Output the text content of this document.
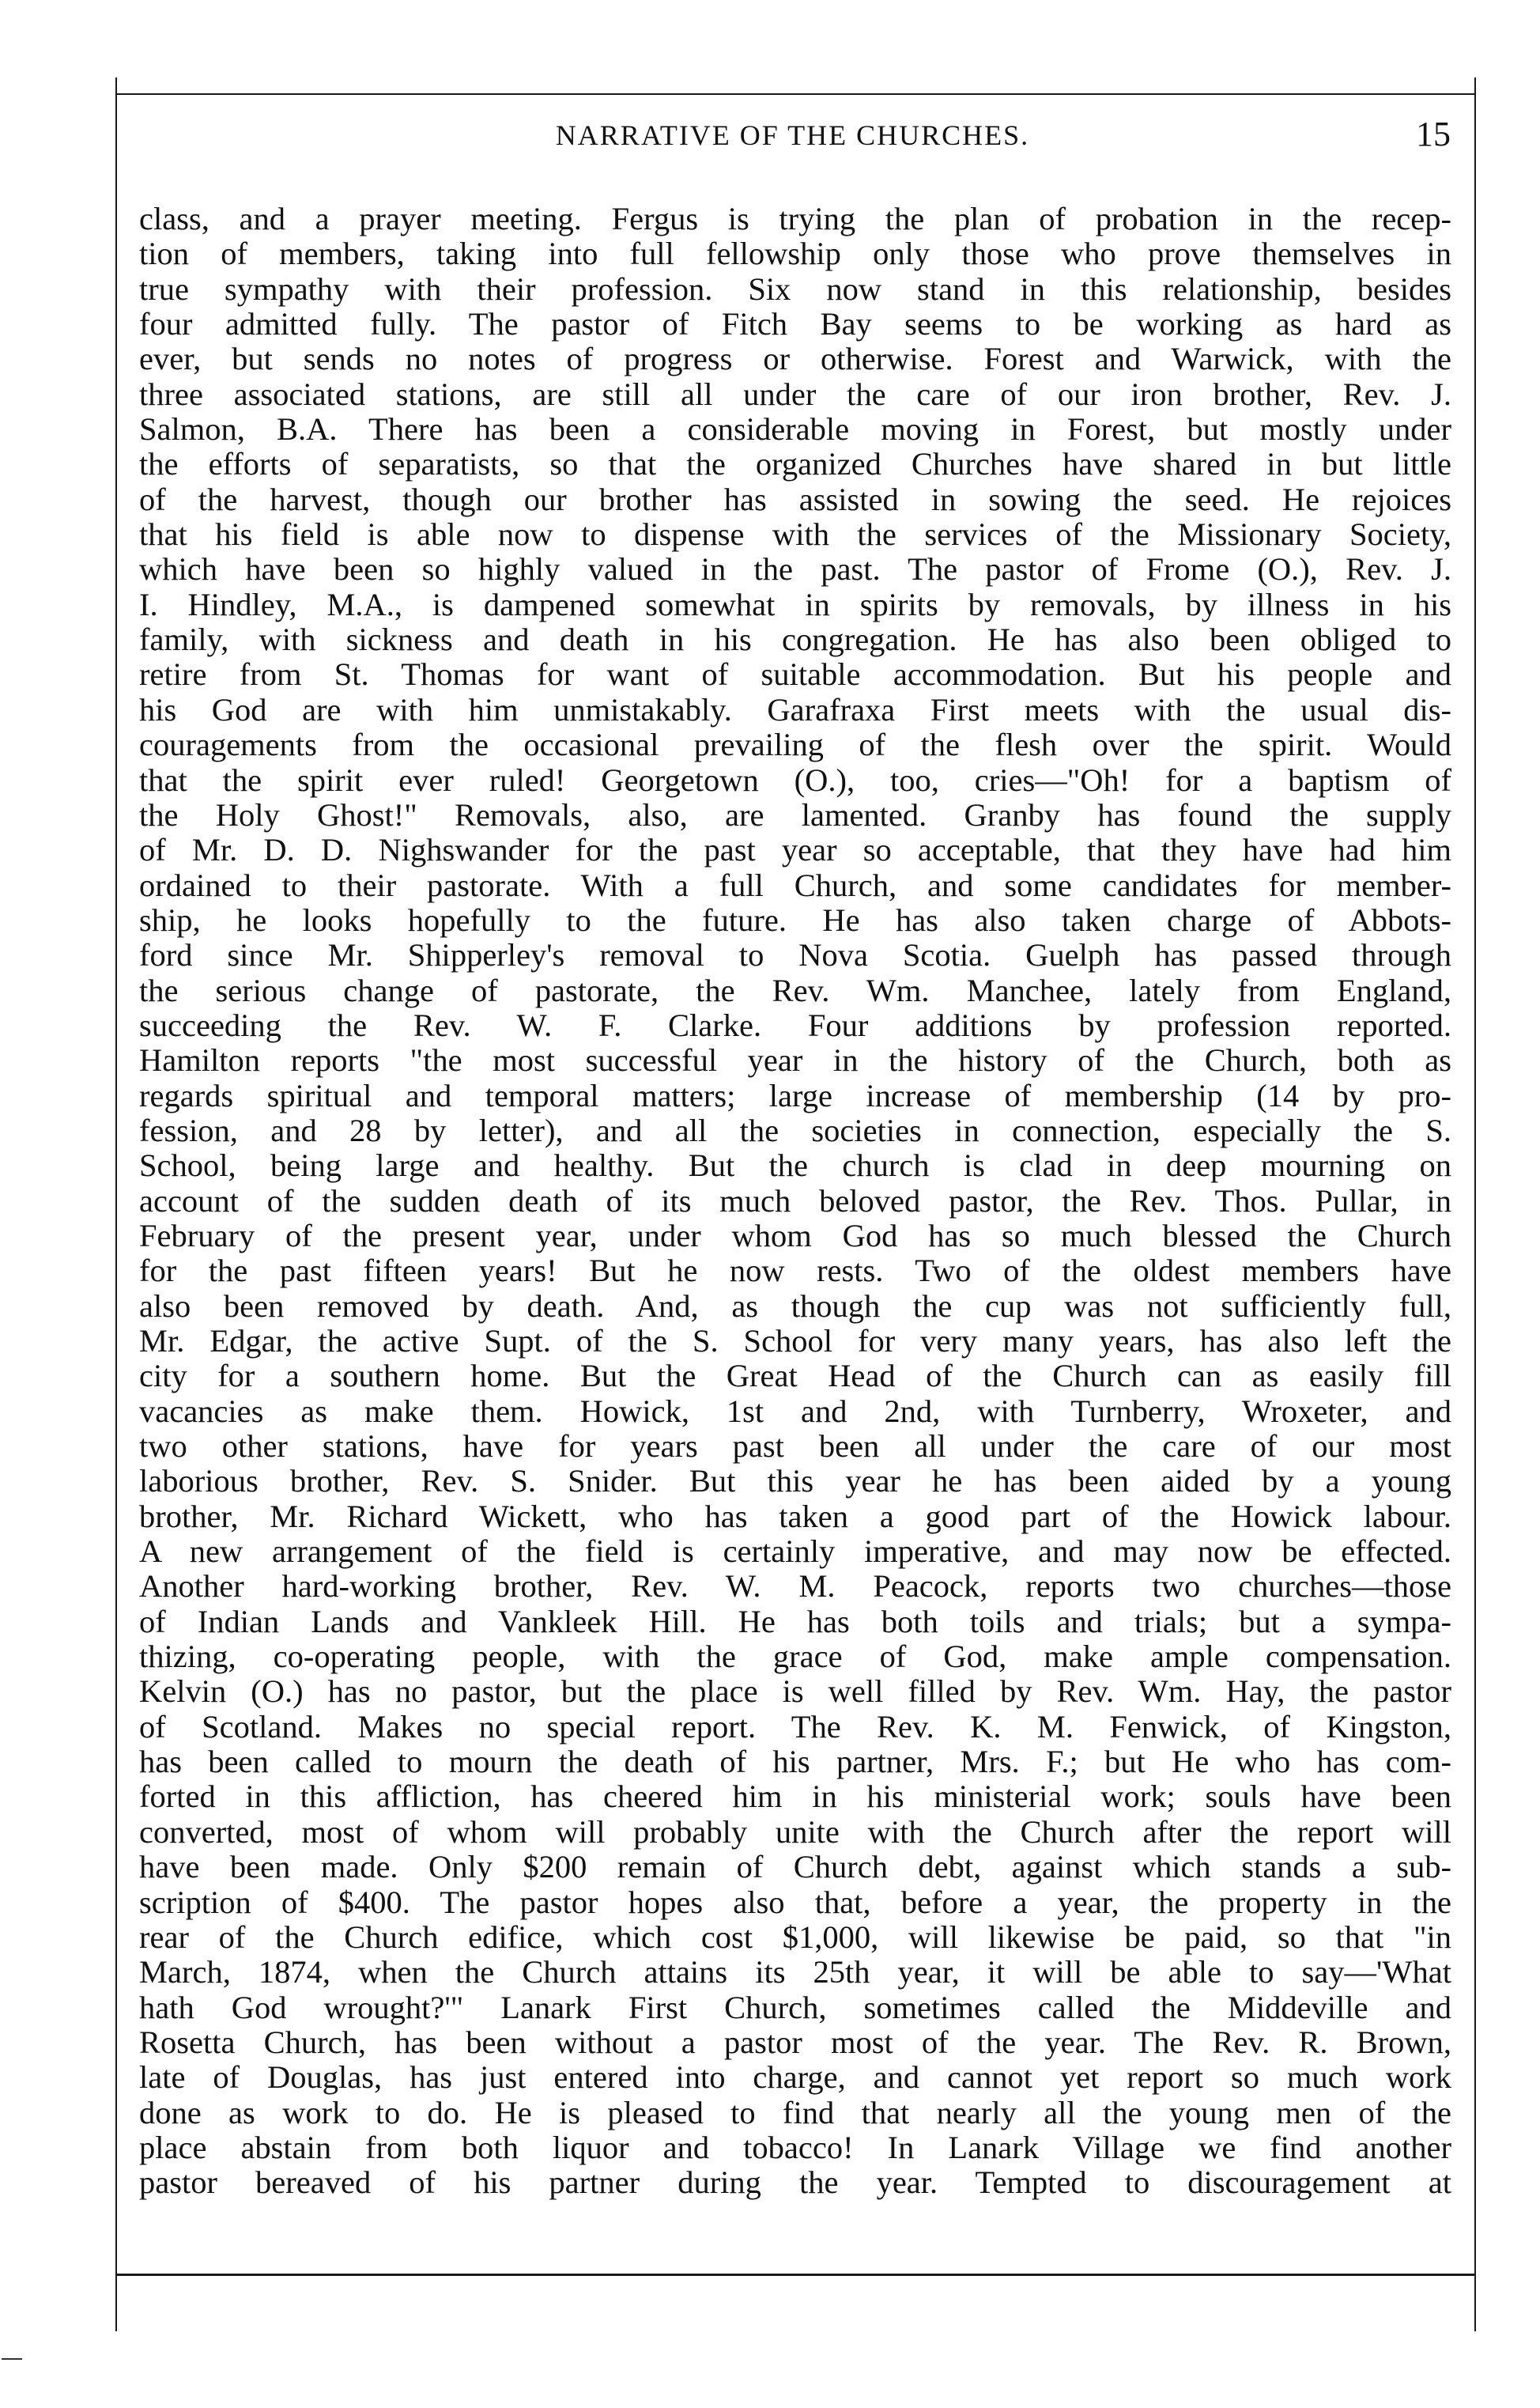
NARRATIVE OF THE CHURCHES.	15
class, and a prayer meeting. Fergus is trying the plan of probation in the recep-
tion of members, taking into full fellowship only those who prove themselves in
true sympathy with their profession. Six now stand in this relationship, besides
four admitted fully. The pastor of Fitch Bay seems to be working as hard as
ever, but sends no notes of progress or otherwise. Forest and Warwick, with the
three associated stations, are still all under the care of our iron brother, Rev. J.
Salmon, B.A. There has been a considerable moving in Forest, but mostly under
the efforts of separatists, so that the organized Churches have shared in but little
of the harvest, though our brother has assisted in sowing the seed. He rejoices
that his field is able now to dispense with the services of the Missionary Society,
which have been so highly valued in the past. The pastor of Frome (O.), Rev. J.
I. Hindley, M.A., is dampened somewhat in spirits by removals, by illness in his
family, with sickness and death in his congregation. He has also been obliged to
retire from St. Thomas for want of suitable accommodation. But his people and
his God are with him unmistakably. Garafraxa First meets with the usual dis-
couragements from the occasional prevailing of the flesh over the spirit. Would
that the spirit ever ruled! Georgetown (O.), too, cries—"Oh! for a baptism of
the Holy Ghost!" Removals, also, are lamented. Granby has found the supply
of Mr. D. D. Nighswander for the past year so acceptable, that they have had him
ordained to their pastorate. With a full Church, and some candidates for member-
ship, he looks hopefully to the future. He has also taken charge of Abbots-
ford since Mr. Shipperley's removal to Nova Scotia. Guelph has passed through
the serious change of pastorate, the Rev. Wm. Manchee, lately from England,
succeeding the Rev. W. F. Clarke. Four additions by profession reported.
Hamilton reports "the most successful year in the history of the Church, both as
regards spiritual and temporal matters; large increase of membership (14 by pro-
fession, and 28 by letter), and all the societies in connection, especially the S.
School, being large and healthy. But the church is clad in deep mourning on
account of the sudden death of its much beloved pastor, the Rev. Thos. Pullar, in
February of the present year, under whom God has so much blessed the Church
for the past fifteen years! But he now rests. Two of the oldest members have
also been removed by death. And, as though the cup was not sufficiently full,
Mr. Edgar, the active Supt. of the S. School for very many years, has also left the
city for a southern home. But the Great Head of the Church can as easily fill
vacancies as make them. Howick, 1st and 2nd, with Turnberry, Wroxeter, and
two other stations, have for years past been all under the care of our most
laborious brother, Rev. S. Snider. But this year he has been aided by a young
brother, Mr. Richard Wickett, who has taken a good part of the Howick labour.
A new arrangement of the field is certainly imperative, and may now be effected.
Another hard-working brother, Rev. W. M. Peacock, reports two churches—those
of Indian Lands and Vankleek Hill. He has both toils and trials; but a sympa-
thizing, co-operating people, with the grace of God, make ample compensation.
Kelvin (O.) has no pastor, but the place is well filled by Rev. Wm. Hay, the pastor
of Scotland. Makes no special report. The Rev. K. M. Fenwick, of Kingston,
has been called to mourn the death of his partner, Mrs. F.; but He who has com-
forted in this affliction, has cheered him in his ministerial work; souls have been
converted, most of whom will probably unite with the Church after the report will
have been made. Only $200 remain of Church debt, against which stands a sub-
scription of $400. The pastor hopes also that, before a year, the property in the
rear of the Church edifice, which cost $1,000, will likewise be paid, so that "in
March, 1874, when the Church attains its 25th year, it will be able to say—'What
hath God wrought?'" Lanark First Church, sometimes called the Middeville and
Rosetta Church, has been without a pastor most of the year. The Rev. R. Brown,
late of Douglas, has just entered into charge, and cannot yet report so much work
done as work to do. He is pleased to find that nearly all the young men of the
place abstain from both liquor and tobacco! In Lanark Village we find another
pastor bereaved of his partner during the year. Tempted to discouragement at
